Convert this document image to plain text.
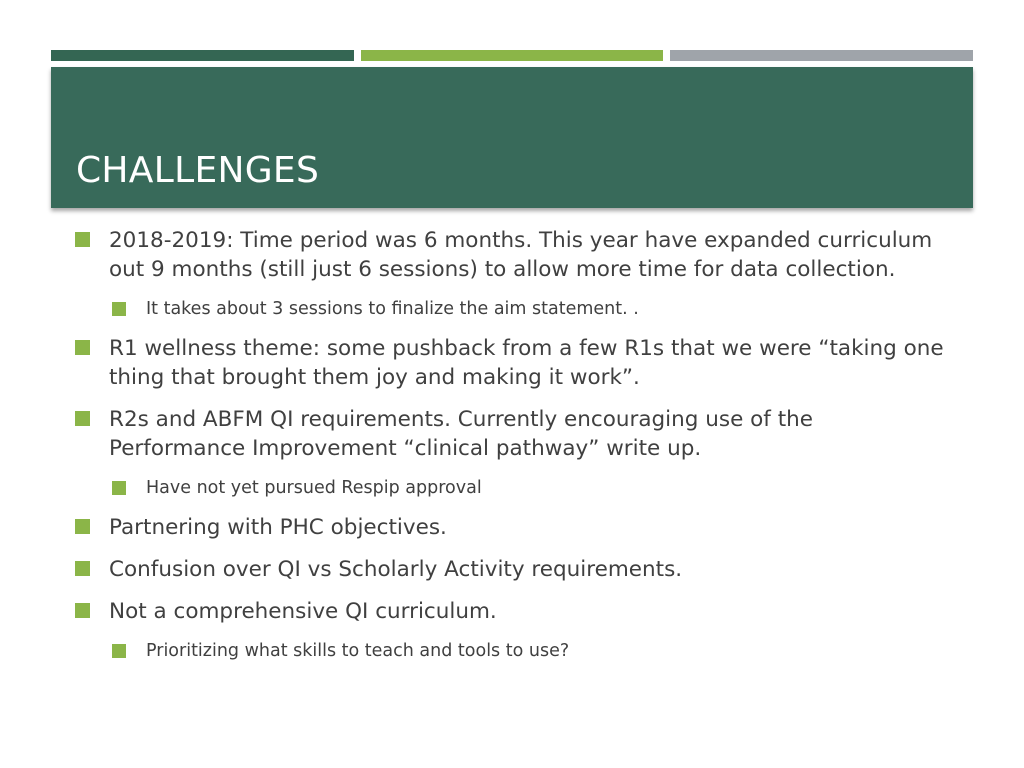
CHALLENGES
2018-2019: Time period was 6 months. This year have expanded curriculum out 9 months (still just 6 sessions) to allow more time for data collection.
It takes about 3 sessions to finalize the aim statement. .
R1 wellness theme: some pushback from a few R1s that we were “taking one thing that brought them joy and making it work”.
R2s and ABFM QI requirements. Currently encouraging use of the Performance Improvement “clinical pathway” write up.
Have not yet pursued Respip approval
Partnering with PHC objectives.
Confusion over QI vs Scholarly Activity requirements.
Not a comprehensive QI curriculum.
Prioritizing what skills to teach and tools to use?
